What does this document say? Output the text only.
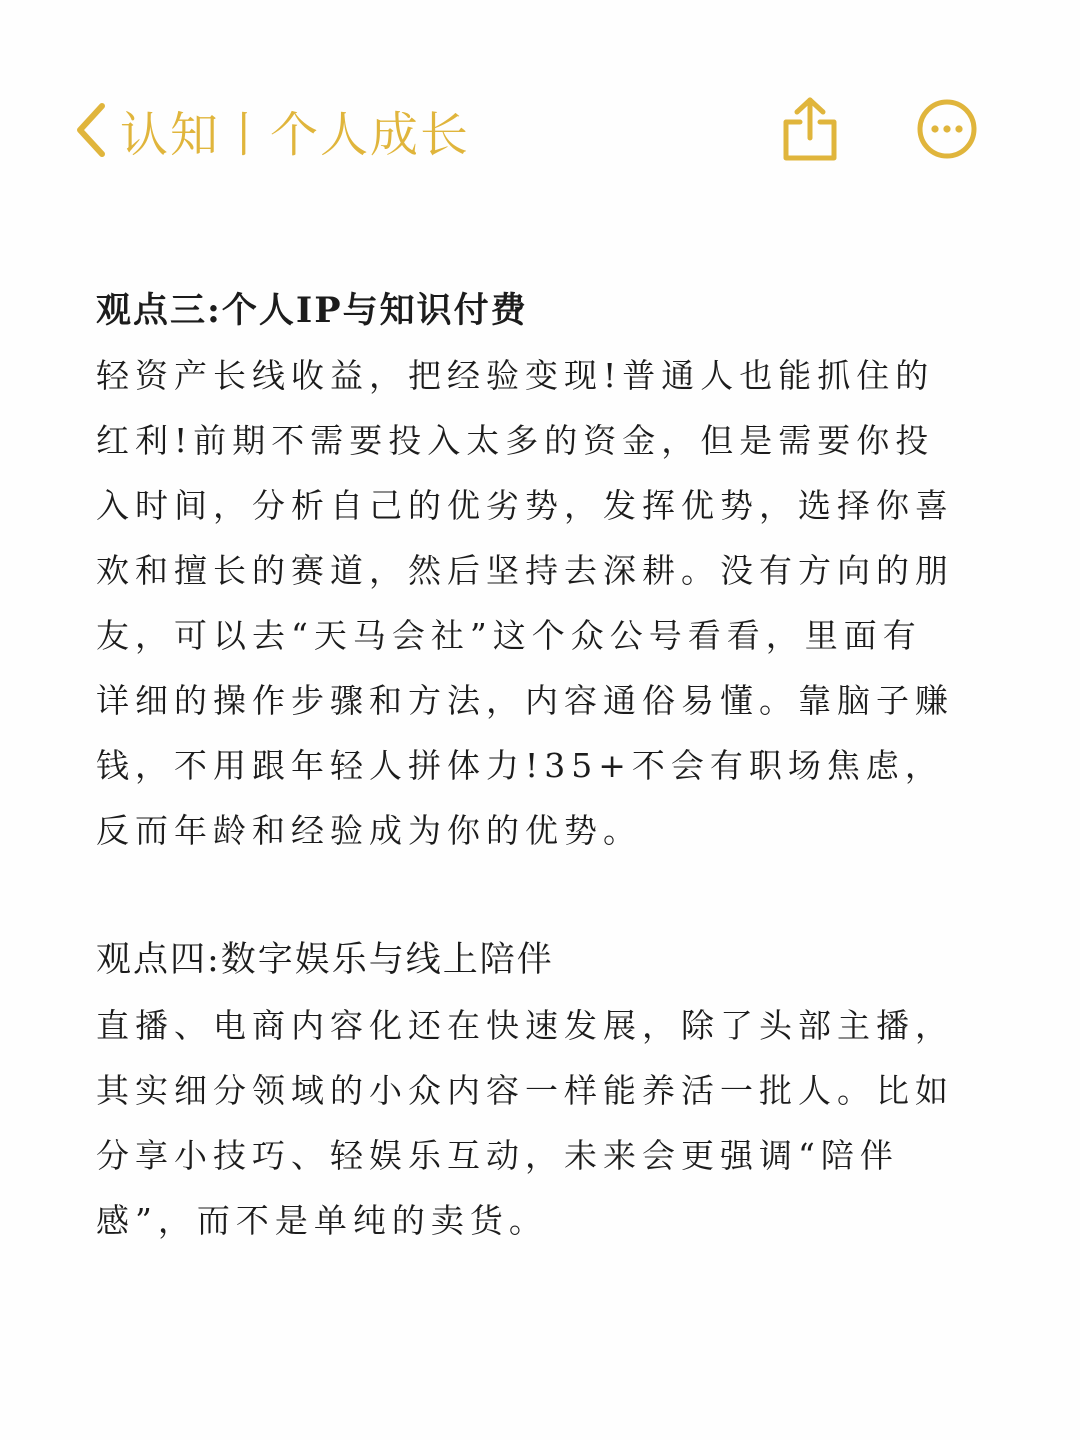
认知丨个人成长
观点三:个人IP与知识付费
轻资产长线收益，把经验变现!普通人也能抓住的
红利!前期不需要投入太多的资金，但是需要你投
入时间，分析自己的优劣势，发挥优势，选择你喜
欢和擅长的赛道，然后坚持去深耕。没有方向的朋
友，可以去“天马会社”这个众公号看看，里面有
详细的操作步骤和方法，内容通俗易懂。靠脑子赚
钱，不用跟年轻人拼体力!35+不会有职场焦虑，
反而年龄和经验成为你的优势。
观点四:数字娱乐与线上陪伴
直播、电商内容化还在快速发展，除了头部主播，
其实细分领域的小众内容一样能养活一批人。比如
分享小技巧、轻娱乐互动，未来会更强调“陪伴
感”，而不是单纯的卖货。
